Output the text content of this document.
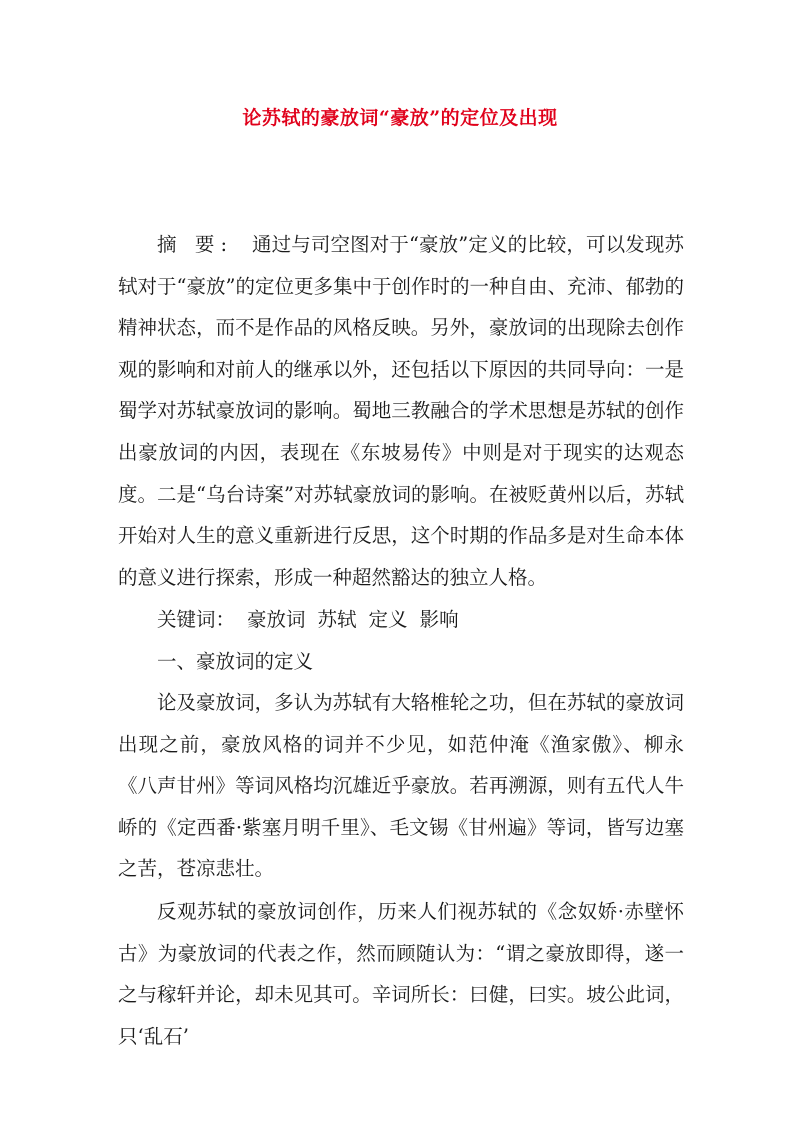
论苏轼的豪放词“豪放”的定位及出现
摘 要: 通过与司空图对于“豪放”定义的比较，可以发现苏轼对于“豪放”的定位更多集中于创作时的一种自由、充沛、郁勃的精神状态，而不是作品的风格反映。另外，豪放词的出现除去创作观的影响和对前人的继承以外，还包括以下原因的共同导向：一是蜀学对苏轼豪放词的影响。蜀地三教融合的学术思想是苏轼的创作出豪放词的内因，表现在《东坡易传》中则是对于现实的达观态度。二是“乌台诗案”对苏轼豪放词的影响。在被贬黄州以后，苏轼开始对人生的意义重新进行反思，这个时期的作品多是对生命本体的意义进行探索，形成一种超然豁达的独立人格。
关键词： 豪放词 苏轼 定义 影响
一、豪放词的定义
论及豪放词，多认为苏轼有大辂椎轮之功，但在苏轼的豪放词出现之前，豪放风格的词并不少见，如范仲淹《渔家傲》、柳永《八声甘州》等词风格均沉雄近乎豪放。若再溯源，则有五代人牛峤的《定西番·紫塞月明千里》、毛文锡《甘州遍》等词，皆写边塞之苦，苍凉悲壮。
反观苏轼的豪放词创作，历来人们视苏轼的《念奴娇·赤壁怀古》为豪放词的代表之作，然而顾随认为：“谓之豪放即得，遂一之与稼轩并论，却未见其可。辛词所长：曰健，曰实。坡公此词，只‘乱石’
